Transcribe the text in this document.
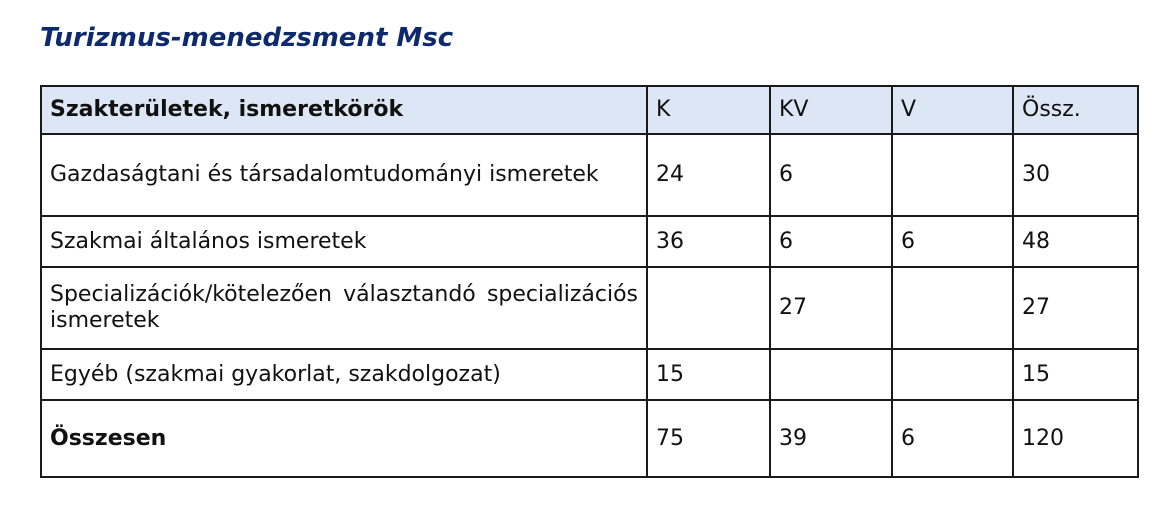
Turizmus-menedzsment Msc
Szakterületek, ismeretkörök	K	KV	V	Össz.
Gazdaságtani és társadalomtudományi ismeretek	24	6		30
Szakmai általános ismeretek	36	6	6	48
Specializációk/kötelezően választandó specializációs ismeretek		27		27
Egyéb (szakmai gyakorlat, szakdolgozat)	15			15
Összesen	75	39	6	120
